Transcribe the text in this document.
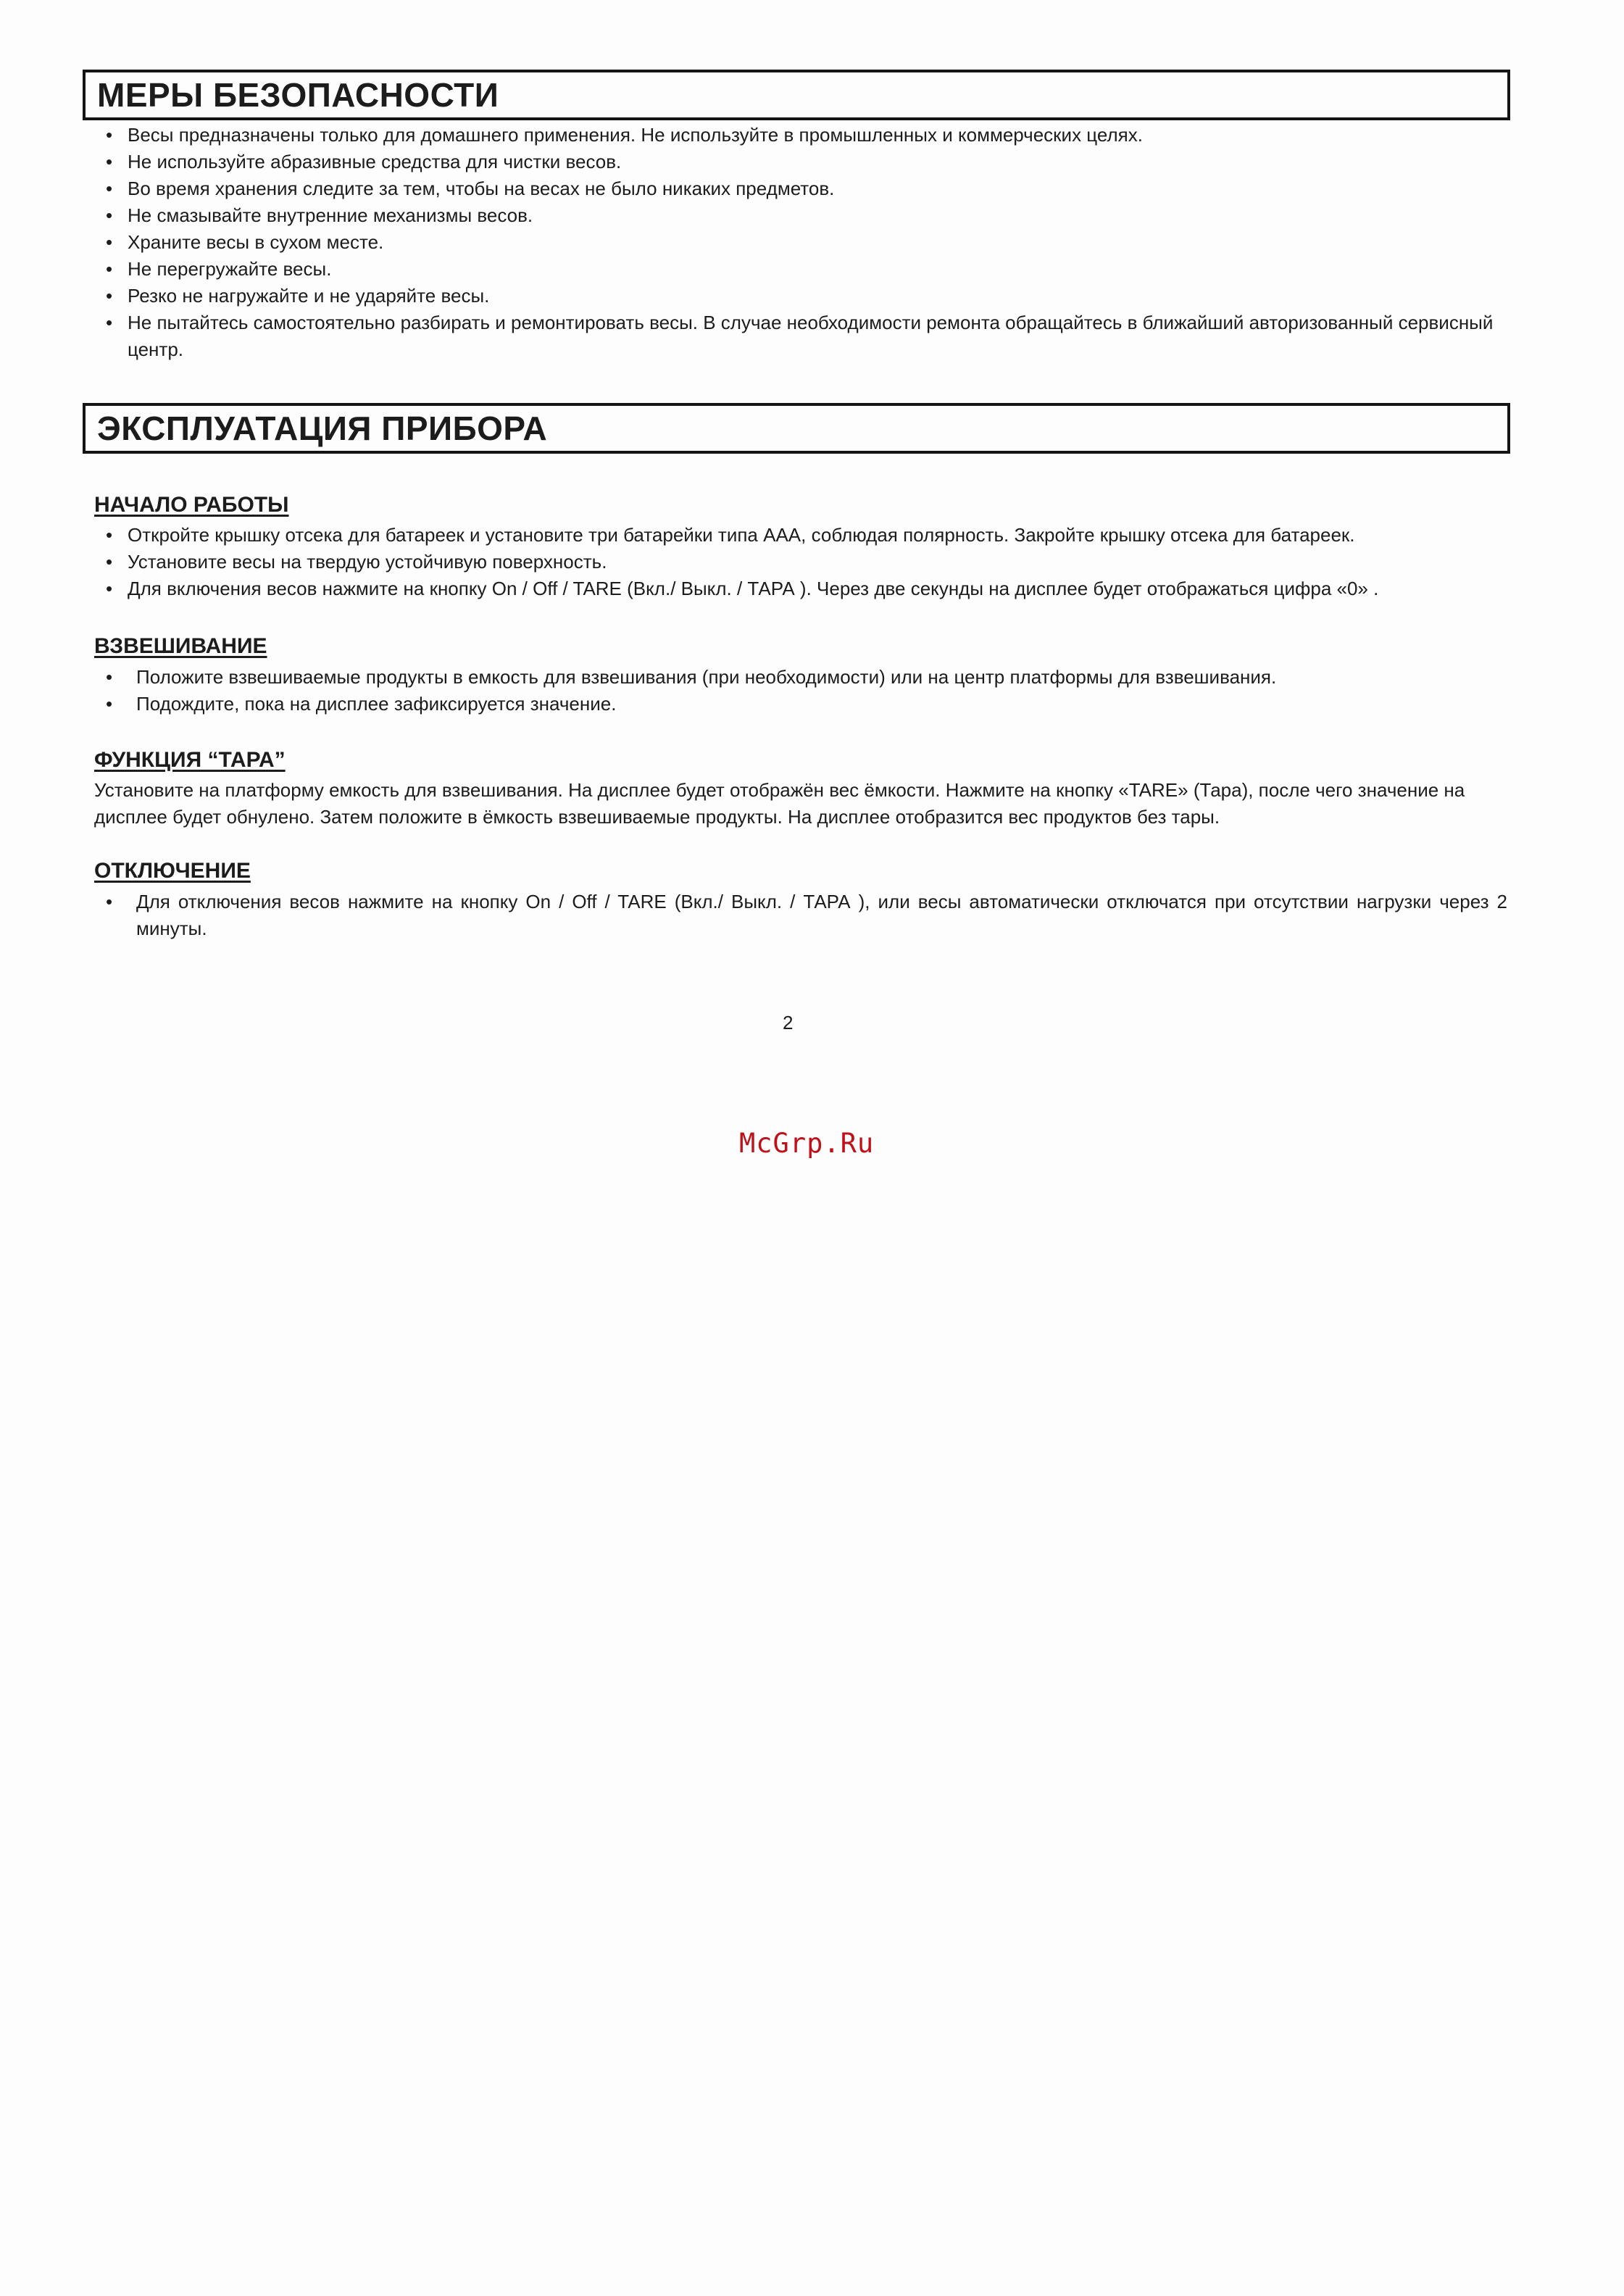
МЕРЫ БЕЗОПАСНОСТИ
• Весы предназначены только для домашнего применения. Не используйте в промышленных и коммерческих целях.
• Не используйте абразивные средства для чистки весов.
• Во время хранения следите за тем, чтобы на весах не было никаких предметов.
• Не смазывайте внутренние механизмы весов.
• Храните весы в сухом месте.
• Не перегружайте весы.
• Резко не нагружайте и не ударяйте весы.
• Не пытайтесь самостоятельно разбирать и ремонтировать весы. В случае необходимости ремонта обращайтесь в ближайший авторизованный сервисный центр.
ЭКСПЛУАТАЦИЯ ПРИБОРА
НАЧАЛО РАБОТЫ
• Откройте крышку отсека для батареек и установите три батарейки типа AAA, соблюдая полярность. Закройте крышку отсека для батареек.
• Установите весы на твердую устойчивую поверхность.
• Для включения весов нажмите на кнопку On / Off / TARE (Вкл./ Выкл. / ТАРА ). Через две секунды на дисплее будет отображаться цифра «0» .
ВЗВЕШИВАНИЕ
• Положите взвешиваемые продукты в емкость для взвешивания (при необходимости) или на центр платформы для взвешивания.
• Подождите, пока на дисплее зафиксируется значение.
ФУНКЦИЯ “ТАРА”
Установите на платформу емкость для взвешивания. На дисплее будет отображён вес ёмкости. Нажмите на кнопку «TARE» (Тара), после чего значение на дисплее будет обнулено. Затем положите в ёмкость взвешиваемые продукты. На дисплее отобразится вес продуктов без тары.
ОТКЛЮЧЕНИЕ
• Для отключения весов нажмите на кнопку On / Off / TARE (Вкл./ Выкл. / ТАРА ), или весы автоматически отключатся при отсутствии нагрузки через 2 минуты.
2
McGrp.Ru
